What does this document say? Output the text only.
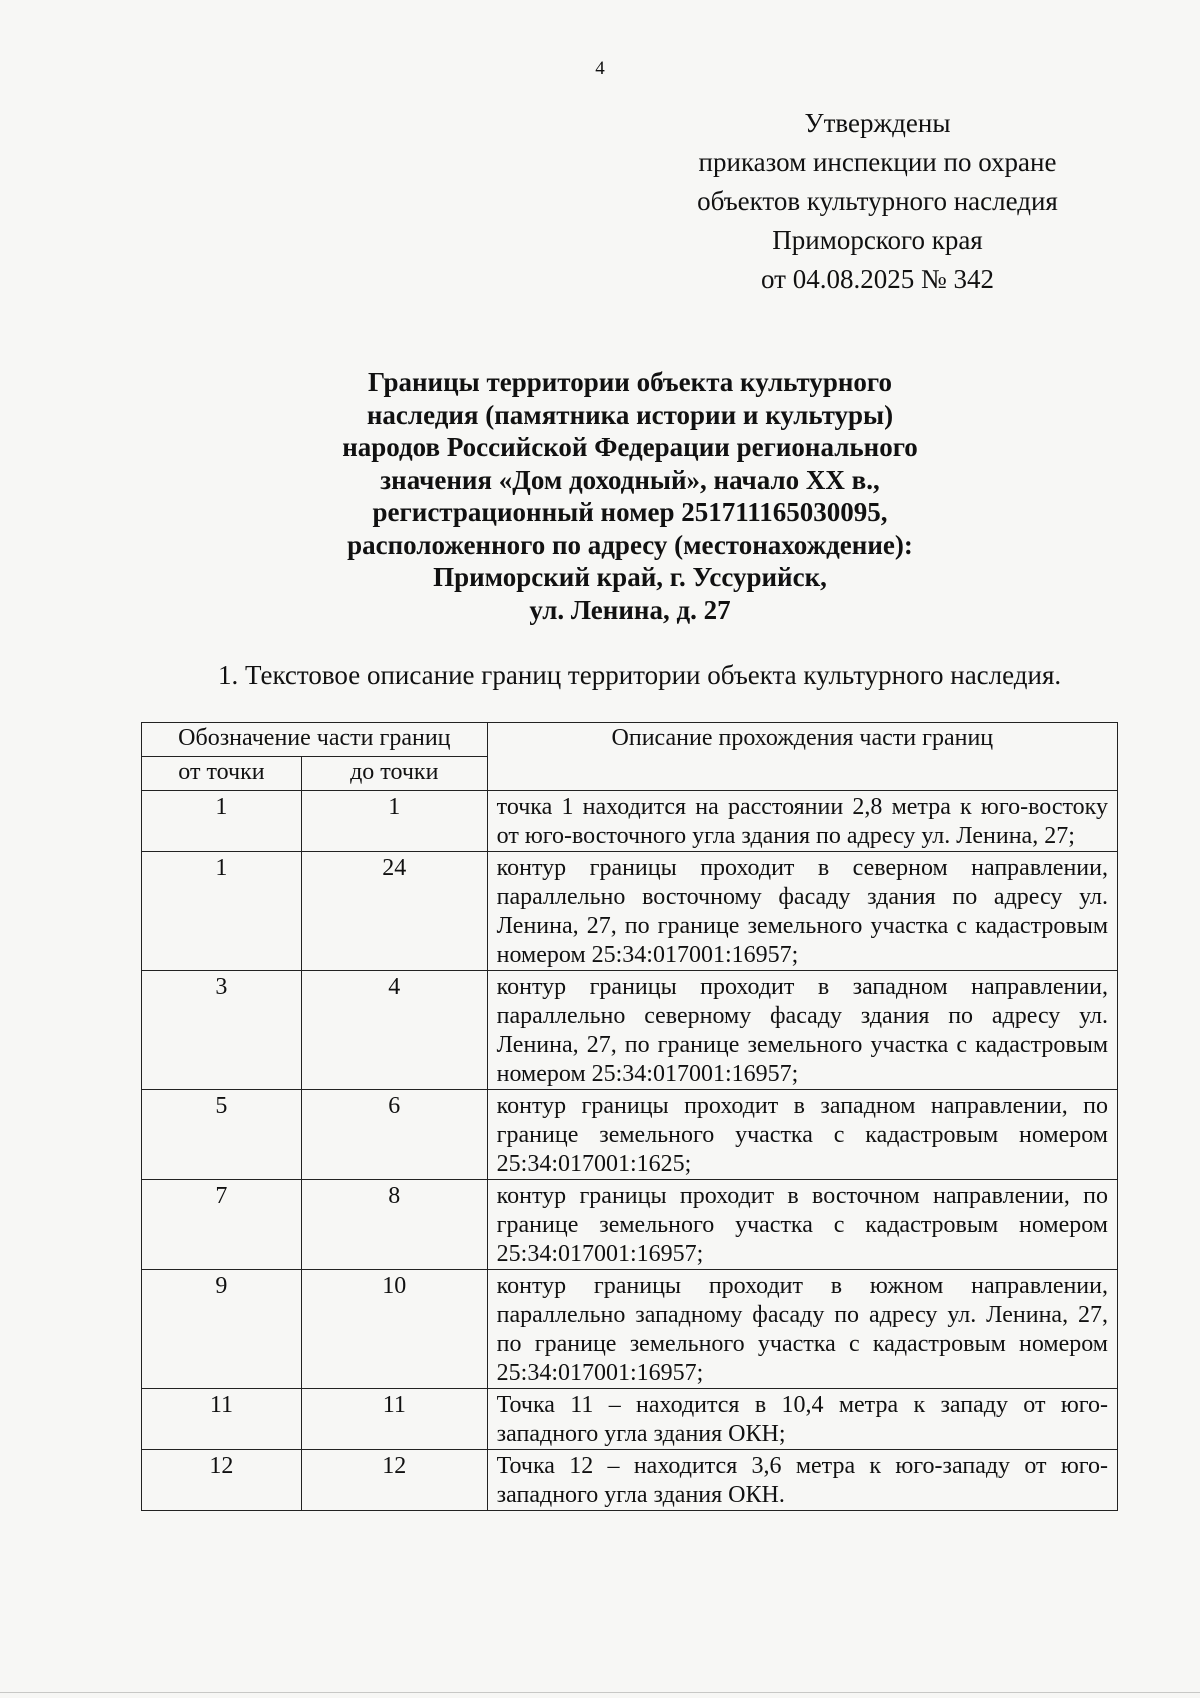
4
Утверждены
приказом инспекции по охране
объектов культурного наследия
Приморского края
от 04.08.2025 № 342
Границы территории объекта культурного
наследия (памятника истории и культуры)
народов Российской Федерации регионального
значения «Дом доходный», начало XX в.,
регистрационный номер 251711165030095,
расположенного по адресу (местонахождение):
Приморский край, г. Уссурийск,
ул. Ленина, д. 27
1. Текстовое описание границ территории объекта культурного наследия.
Обозначение части границ		Описание прохождения части границ
от точки	до точки	
1	1	точка 1 находится на расстоянии 2,8 метра к юго-востоку от юго-восточного угла здания по адресу ул. Ленина, 27;
1	24	контур границы проходит в северном направлении, параллельно восточному фасаду здания по адресу ул. Ленина, 27, по границе земельного участка с кадастровым номером 25:34:017001:16957;
3	4	контур границы проходит в западном направлении, параллельно северному фасаду здания по адресу ул. Ленина, 27, по границе земельного участка с кадастровым номером 25:34:017001:16957;
5	6	контур границы проходит в западном направлении, по границе земельного участка с кадастровым номером 25:34:017001:1625;
7	8	контур границы проходит в восточном направлении, по границе земельного участка с кадастровым номером 25:34:017001:16957;
9	10	контур границы проходит в южном направлении, параллельно западному фасаду по адресу ул. Ленина, 27, по границе земельного участка с кадастровым номером 25:34:017001:16957;
11	11	Точка 11 – находится в 10,4 метра к западу от юго-западного угла здания ОКН;
12	12	Точка 12 – находится 3,6 метра к юго-западу от юго-западного угла здания ОКН.
